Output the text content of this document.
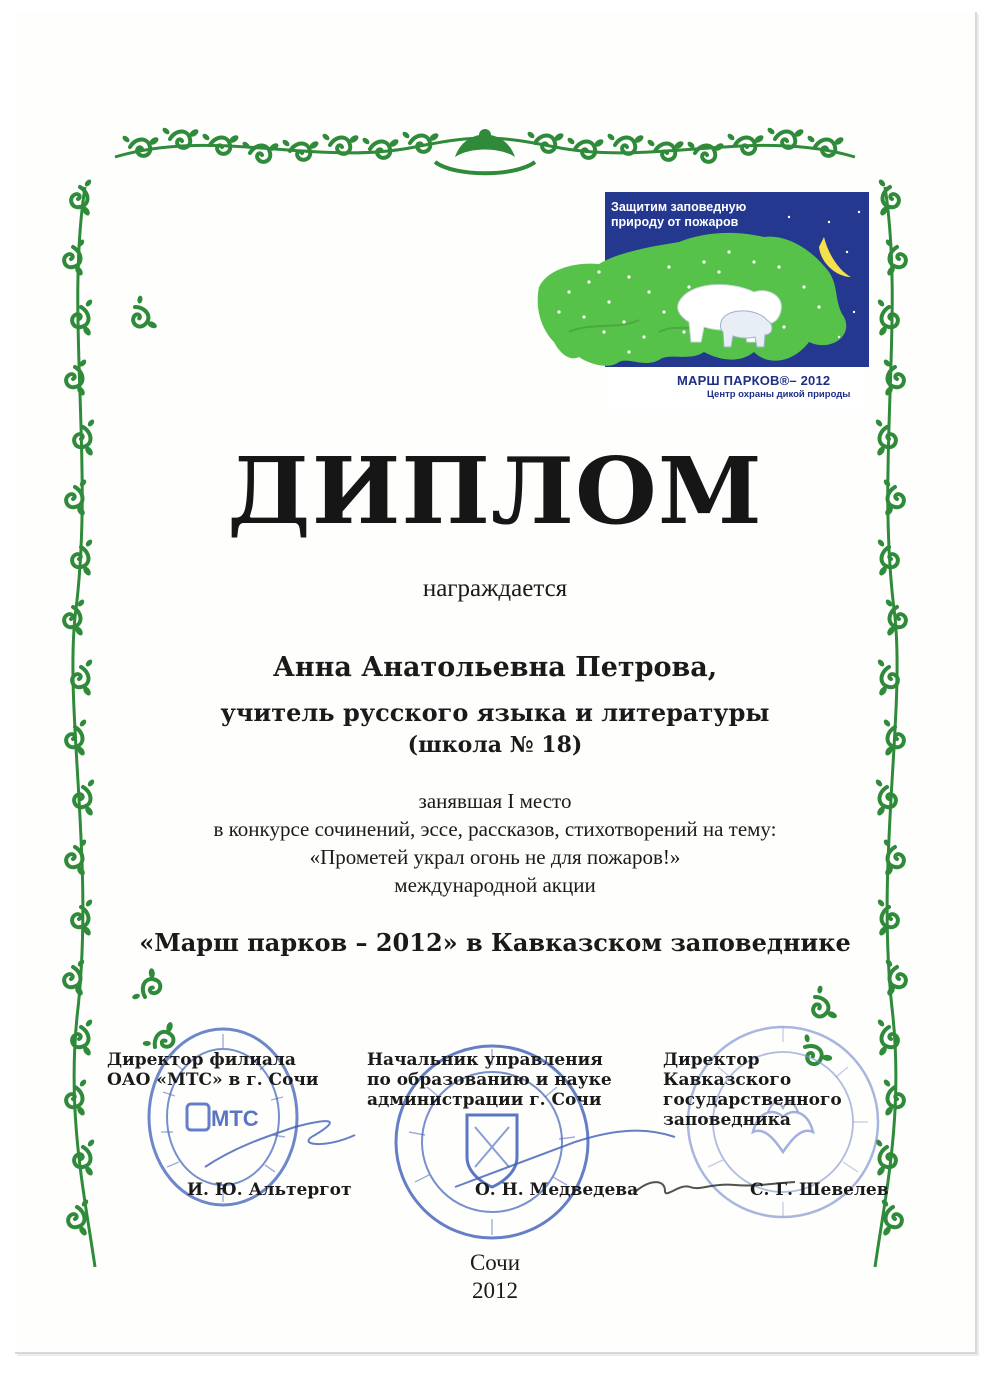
Защитим заповедную
природу от пожаров
МАРШ ПАРКОВ®– 2012
Центр охраны дикой природы
ДИПЛОМ
награждается
Анна Анатольевна Петрова,
учитель русского языка и литературы
(школа № 18)
занявшая I место
в конкурсе сочинений, эссе, рассказов, стихотворений на тему:
«Прометей украл огонь не для пожаров!»
международной акции
«Марш парков – 2012» в Кавказском заповеднике
МТС
Директор филиала
ОАО «МТС» в г. Сочи
Начальник управления
по образованию и науке
администрации г. Сочи
Директор
Кавказского
государственного
заповедника
И. Ю. Альтергот	О. Н. Медведева	С. Г. Шевелев
Сочи
2012
